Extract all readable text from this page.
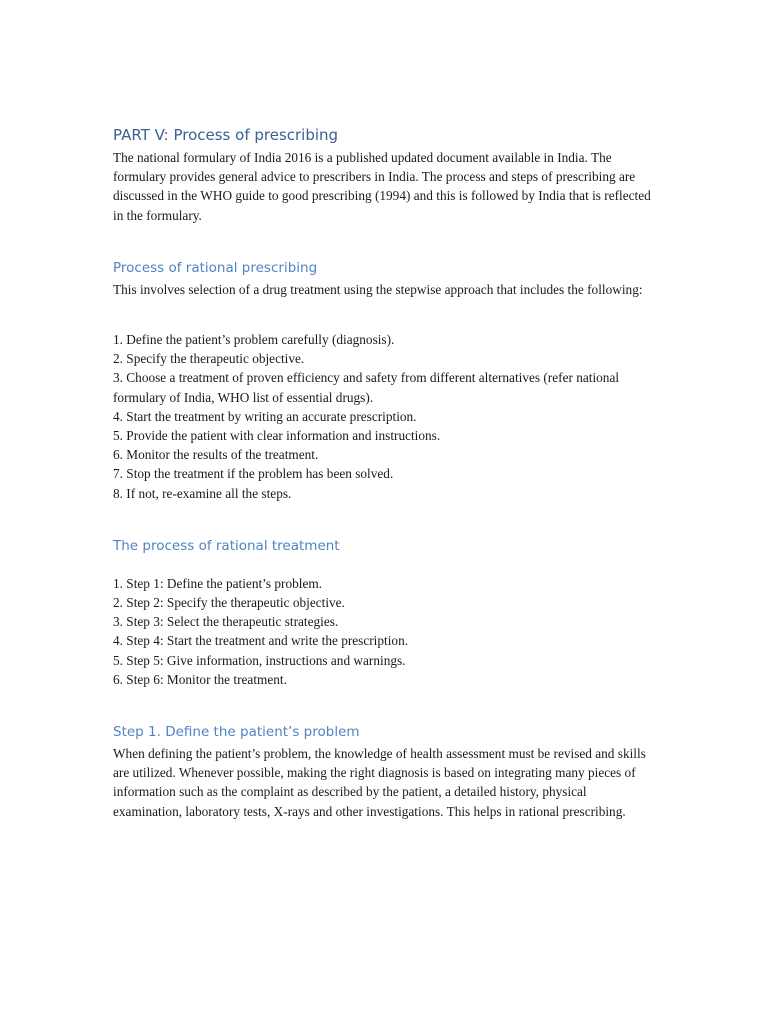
PART V: Process of prescribing

The national formulary of India 2016 is a published updated document available in India. The formulary provides general advice to prescribers in India. The process and steps of prescribing are discussed in the WHO guide to good prescribing (1994) and this is followed by India that is reflected in the formulary.

Process of rational prescribing

This involves selection of a drug treatment using the stepwise approach that includes the following:

1. Define the patient’s problem carefully (diagnosis).
2. Specify the therapeutic objective.
3. Choose a treatment of proven efficiency and safety from different alternatives (refer national formulary of India, WHO list of essential drugs).
4. Start the treatment by writing an accurate prescription.
5. Provide the patient with clear information and instructions.
6. Monitor the results of the treatment.
7. Stop the treatment if the problem has been solved.
8. If not, re-examine all the steps.
The process of rational treatment
1. Step 1: Define the patient’s problem.
2. Step 2: Specify the therapeutic objective.
3. Step 3: Select the therapeutic strategies.
4. Step 4: Start the treatment and write the prescription.
5. Step 5: Give information, instructions and warnings.
6. Step 6: Monitor the treatment.
Step 1. Define the patient’s problem

When defining the patient’s problem, the knowledge of health assessment must be revised and skills are utilized. Whenever possible, making the right diagnosis is based on integrating many pieces of information such as the complaint as described by the patient, a detailed history, physical examination, laboratory tests, X-rays and other investigations. This helps in rational prescribing.
